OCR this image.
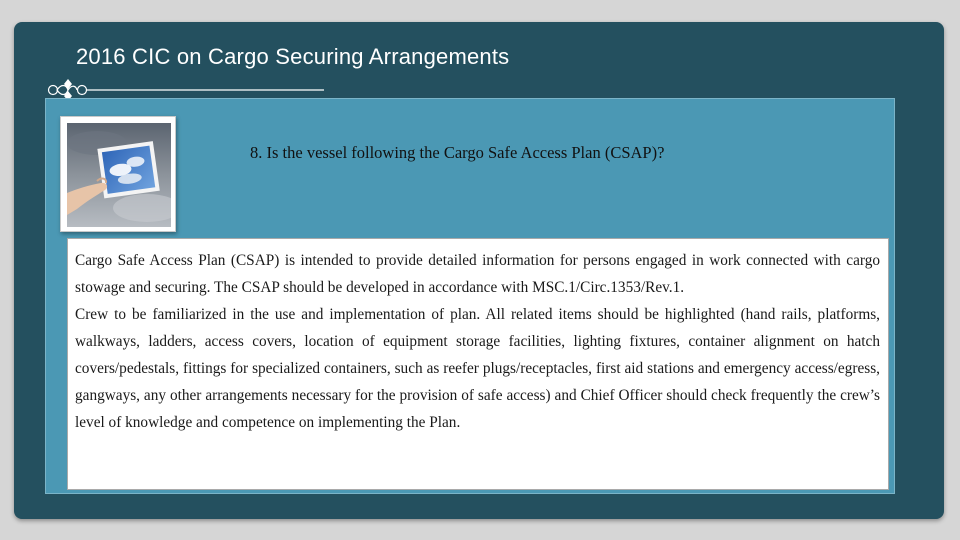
2016 CIC on Cargo Securing Arrangements
8. Is the vessel following the Cargo Safe Access Plan (CSAP)?

Cargo Safe Access Plan (CSAP) is intended to provide detailed information for persons engaged in work connected with cargo stowage and securing. The CSAP should be developed in accordance with MSC.1/Circ.1353/Rev.1.

Crew to be familiarized in the use and implementation of plan. All related items should be highlighted (hand rails, platforms, walkways, ladders, access covers, location of equipment storage facilities, lighting fixtures, container alignment on hatch covers/pedestals, fittings for specialized containers, such as reefer plugs/receptacles, first aid stations and emergency access/egress, gangways, any other arrangements necessary for the provision of safe access) and Chief Officer should check frequently the crew’s level of knowledge and competence on implementing the Plan.
